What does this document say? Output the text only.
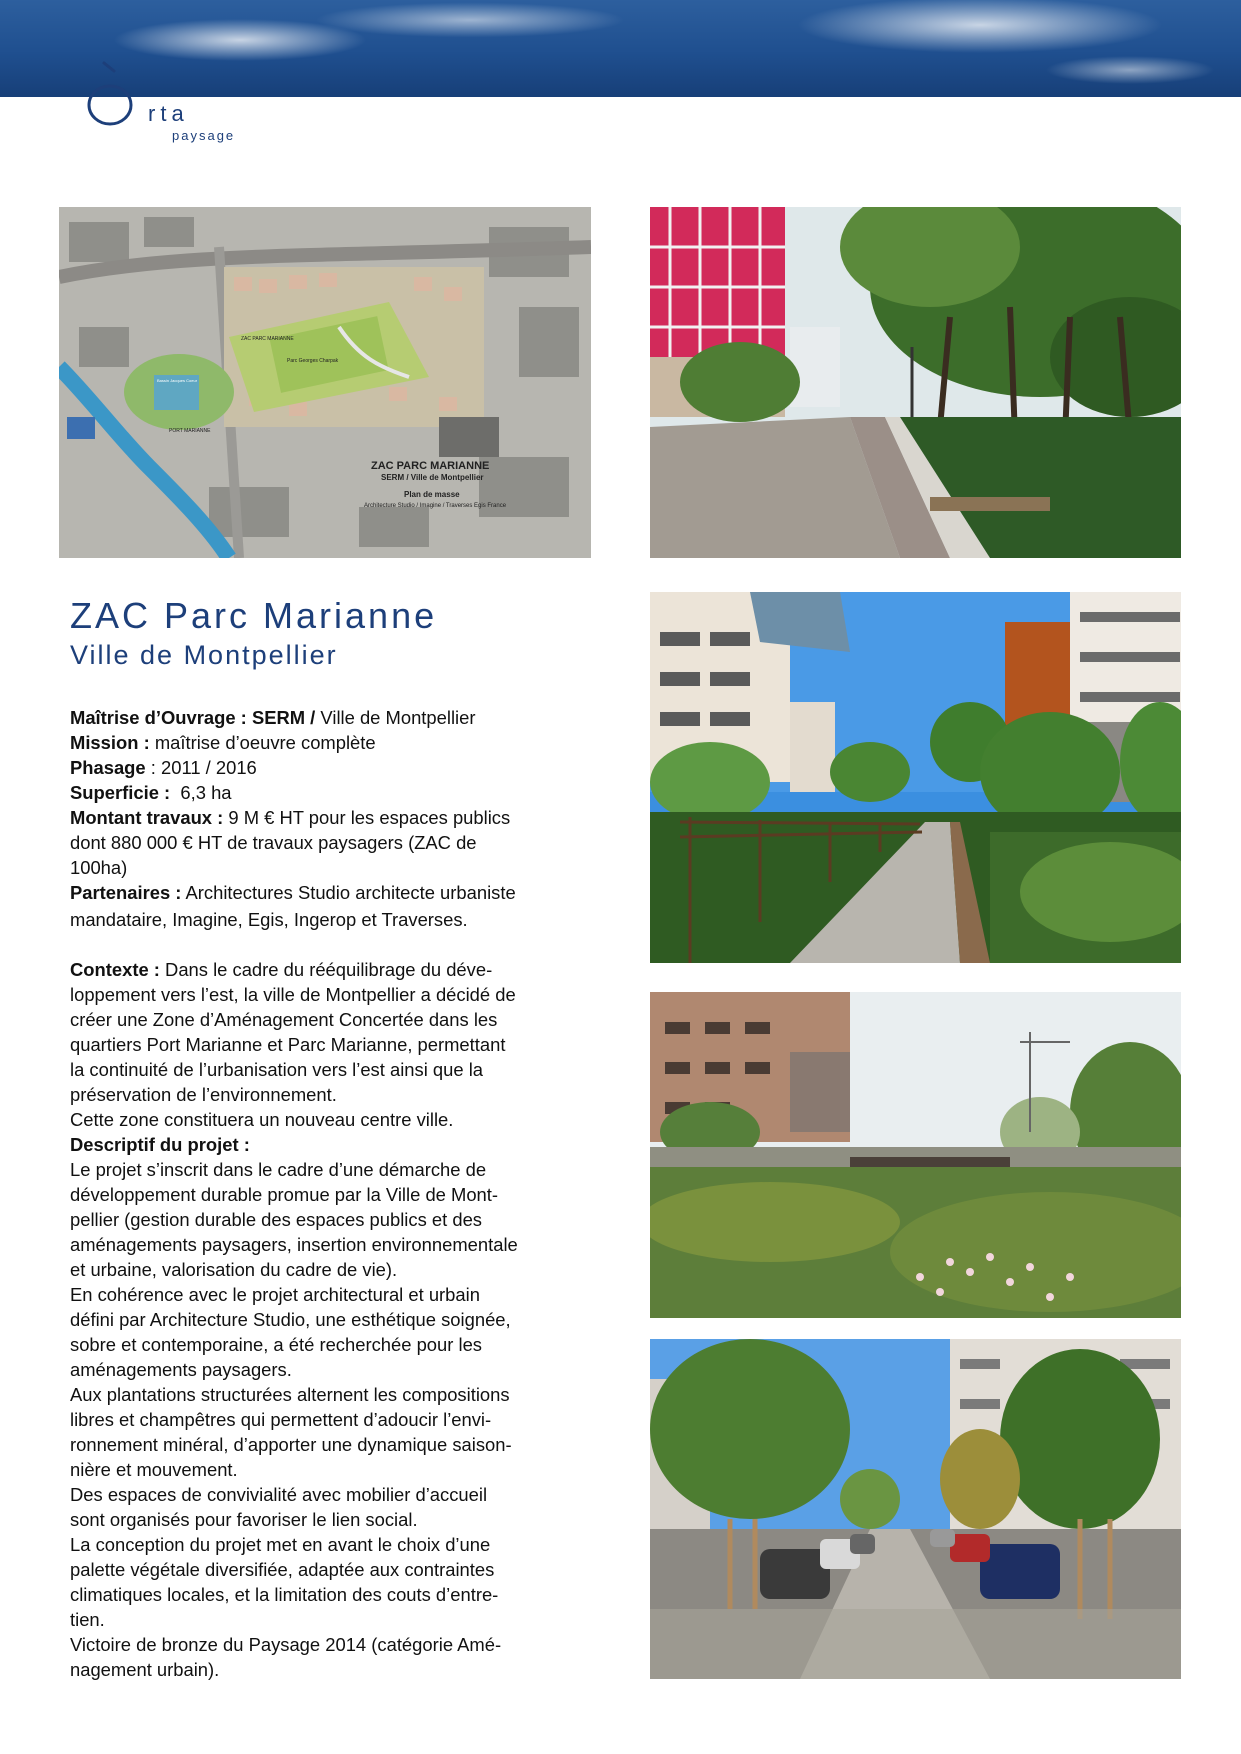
rta
paysage
ZAC PARC MARIANNE
SERM / Ville de Montpellier
Plan de masse
Architecture Studio / Imagine / Traverses Egis France
Parc Georges Charpak
ZAC PARC MARIANNE
Bassin Jacques Coeur
PORT MARIANNE
ZAC Parc Marianne
Ville de Montpellier

Maîtrise d’Ouvrage : SERM / Ville de Montpellier

Mission : maîtrise d’oeuvre complète

Phasage : 2011 / 2016

Superficie : 6,3 ha

Montant travaux : 9 M € HT pour les espaces publics

dont 880 000 € HT de travaux paysagers (ZAC de

100ha)

Partenaires : Architectures Studio architecte urbaniste

mandataire, Imagine, Egis, Ingerop et Traverses.

Contexte : Dans le cadre du rééquilibrage du déve-

loppement vers l’est, la ville de Montpellier a décidé de

créer une Zone d’Aménagement Concertée dans les

quartiers Port Marianne et Parc Marianne, permettant

la continuité de l’urbanisation vers l’est ainsi que la

préservation de l’environnement.

Cette zone constituera un nouveau centre ville.

Descriptif du projet :

Le projet s’inscrit dans le cadre d’une démarche de

développement durable promue par la Ville de Mont-

pellier (gestion durable des espaces publics et des

aménagements paysagers, insertion environnementale

et urbaine, valorisation du cadre de vie).

En cohérence avec le projet architectural et urbain

défini par Architecture Studio, une esthétique soignée,

sobre et contemporaine, a été recherchée pour les

aménagements paysagers.

Aux plantations structurées alternent les compositions

libres et champêtres qui permettent d’adoucir l’envi-

ronnement minéral, d’apporter une dynamique saison-

nière et mouvement.

Des espaces de convivialité avec mobilier d’accueil

sont organisés pour favoriser le lien social.

La conception du projet met en avant le choix d’une

palette végétale diversifiée, adaptée aux contraintes

climatiques locales, et la limitation des couts d’entre-

tien.

Victoire de bronze du Paysage 2014 (catégorie Amé-

nagement urbain).
